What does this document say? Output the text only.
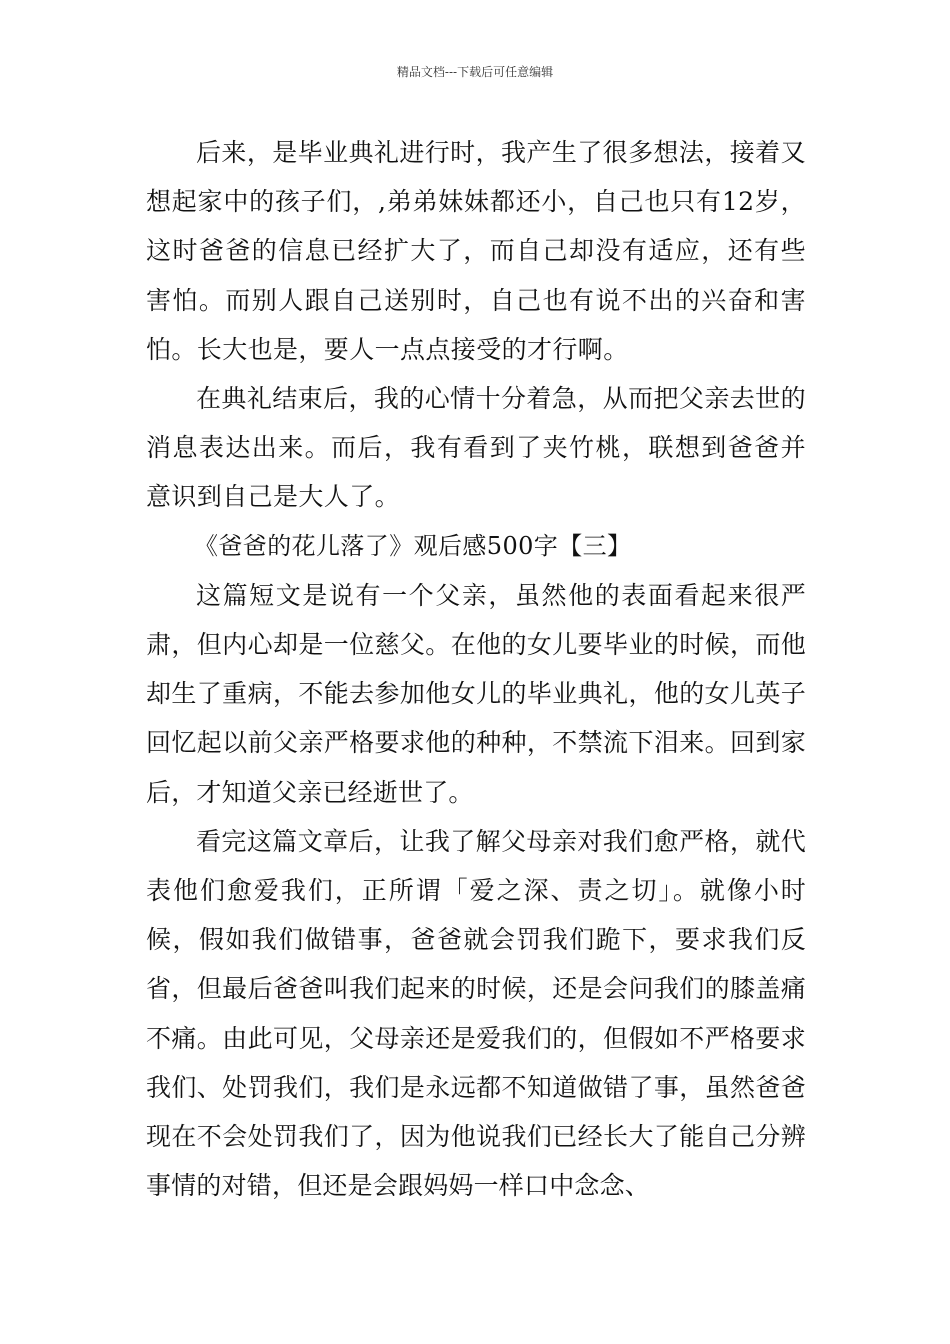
精品文档---下载后可任意编辑

后来，是毕业典礼进行时，我产生了很多想法，接着又想起家中的孩子们，,弟弟妹妹都还小，自己也只有12岁，这时爸爸的信息已经扩大了，而自己却没有适应，还有些害怕。而别人跟自己送别时，自己也有说不出的兴奋和害怕。长大也是，要人一点点接受的才行啊。

在典礼结束后，我的心情十分着急，从而把父亲去世的消息表达出来。而后，我有看到了夹竹桃，联想到爸爸并意识到自己是大人了。

《爸爸的花儿落了》观后感500字【三】

这篇短文是说有一个父亲，虽然他的表面看起来很严肃，但内心却是一位慈父。在他的女儿要毕业的时候，而他却生了重病，不能去参加他女儿的毕业典礼，他的女儿英子回忆起以前父亲严格要求他的种种，不禁流下泪来。回到家后，才知道父亲已经逝世了。

看完这篇文章后，让我了解父母亲对我们愈严格，就代表他们愈爱我们，正所谓「爱之深、责之切」。就像小时候，假如我们做错事，爸爸就会罚我们跪下，要求我们反省，但最后爸爸叫我们起来的时候，还是会问我们的膝盖痛不痛。由此可见，父母亲还是爱我们的，但假如不严格要求我们、处罚我们，我们是永远都不知道做错了事，虽然爸爸现在不会处罚我们了，因为他说我们已经长大了能自己分辨事情的对错，但还是会跟妈妈一样口中念念、
